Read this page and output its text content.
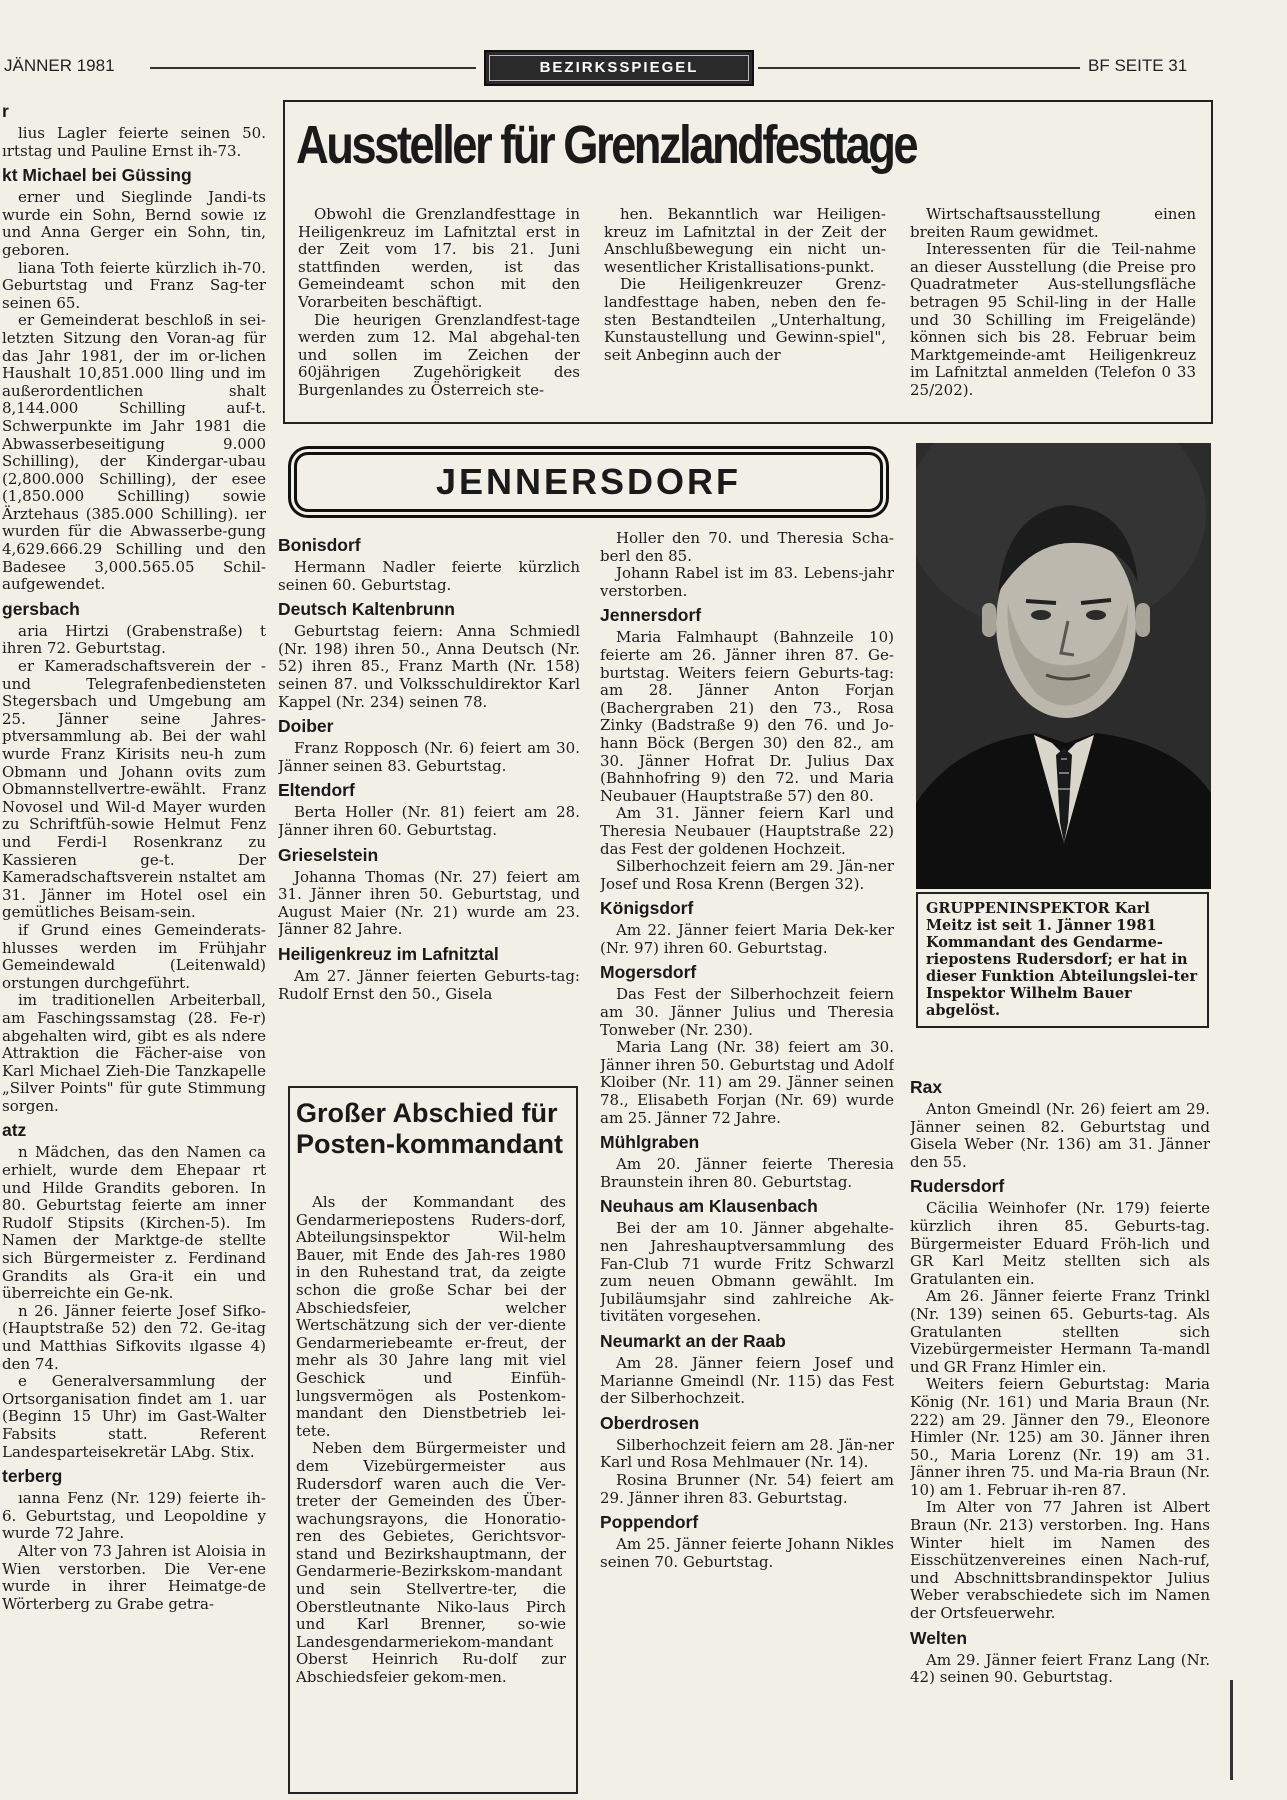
JÄNNER 1981	BEZIRKSSPIEGEL	BF SEITE 31
r
lius Lagler feierte seinen 50. ırtstag und Pauline Ernst ih-73.
kt Michael bei Güssing
erner und Sieglinde Jandi-ts wurde ein Sohn, Bernd sowie ız und Anna Gerger ein Sohn, tin, geboren.
liana Toth feierte kürzlich ih-70. Geburtstag und Franz Sag-ter seinen 65.
er Gemeinderat beschloß in sei-letzten Sitzung den Voran-ag für das Jahr 1981, der im or-lichen Haushalt 10,851.000 lling und im außerordentlichen shalt 8,144.000 Schilling auf-t. Schwerpunkte im Jahr 1981 die Abwasserbeseitigung 9.000 Schilling), der Kindergar-ubau (2,800.000 Schilling), der esee (1,850.000 Schilling) sowie Ärztehaus (385.000 Schilling). ıer wurden für die Abwasserbe-gung 4,629.666.29 Schilling und den Badesee 3,000.565.05 Schil-aufgewendet.
gersbach
aria Hirtzi (Grabenstraße) t ihren 72. Geburtstag.
er Kameradschaftsverein der - und Telegrafenbediensteten Stegersbach und Umgebung am 25. Jänner seine Jahres-ptversammlung ab. Bei der wahl wurde Franz Kirisits neu-h zum Obmann und Johann ovits zum Obmannstellvertre-ewählt. Franz Novosel und Wil-d Mayer wurden zu Schriftfüh-sowie Helmut Fenz und Ferdi-l Rosenkranz zu Kassieren ge-t. Der Kameradschaftsverein nstaltet am 31. Jänner im Hotel osel ein gemütliches Beisam-sein.
if Grund eines Gemeinderats-hlusses werden im Frühjahr Gemeindewald (Leitenwald) orstungen durchgeführt.
im traditionellen Arbeiterball, am Faschingssamstag (28. Fe-r) abgehalten wird, gibt es als ndere Attraktion die Fächer-aise von Karl Michael Zieh-Die Tanzkapelle „Silver Points" für gute Stimmung sorgen.
atz
n Mädchen, das den Namen ca erhielt, wurde dem Ehepaar rt und Hilde Grandits geboren. In 80. Geburtstag feierte am inner Rudolf Stipsits (Kirchen-5). Im Namen der Marktge-de stellte sich Bürgermeister z. Ferdinand Grandits als Gra-it ein und überreichte ein Ge-nk.
n 26. Jänner feierte Josef Sifko-(Hauptstraße 52) den 72. Ge-itag und Matthias Sifkovits ılgasse 4) den 74.
e Generalversammlung der Ortsorganisation findet am 1. uar (Beginn 15 Uhr) im Gast-Walter Fabsits statt. Referent Landesparteisekretär LAbg. Stix.
terberg
ıanna Fenz (Nr. 129) feierte ih-6. Geburtstag, und Leopoldine y wurde 72 Jahre.
Alter von 73 Jahren ist Aloisia in Wien verstorben. Die Ver-ene wurde in ihrer Heimatge-de Wörterberg zu Grabe getra-
Aussteller für Grenzlandfesttage
Obwohl die Grenzlandfesttage in Heiligenkreuz im Lafnitztal erst in der Zeit vom 17. bis 21. Juni stattfinden werden, ist das Gemeindeamt schon mit den Vorarbeiten beschäftigt.
Die heurigen Grenzlandfest-tage werden zum 12. Mal abgehal-ten und sollen im Zeichen der 60jährigen Zugehörigkeit des Burgenlandes zu Österreich ste-
hen. Bekanntlich war Heiligen-kreuz im Lafnitztal in der Zeit der Anschlußbewegung ein nicht un-wesentlicher Kristallisations-punkt.
Die Heiligenkreuzer Grenz-landfesttage haben, neben den fe-sten Bestandteilen „Unterhaltung, Kunstaustellung und Gewinn-spiel", seit Anbeginn auch der
Wirtschaftsausstellung einen breiten Raum gewidmet.
Interessenten für die Teil-nahme an dieser Ausstellung (die Preise pro Quadratmeter Aus-stellungsfläche betragen 95 Schil-ling in der Halle und 30 Schilling im Freigelände) können sich bis 28. Februar beim Marktgemeinde-amt Heiligenkreuz im Lafnitztal anmelden (Telefon 0 33 25/202).
JENNERSDORF
Bonisdorf
Hermann Nadler feierte kürzlich seinen 60. Geburtstag.
Deutsch Kaltenbrunn
Geburtstag feiern: Anna Schmiedl (Nr. 198) ihren 50., Anna Deutsch (Nr. 52) ihren 85., Franz Marth (Nr. 158) seinen 87. und Volksschuldirektor Karl Kappel (Nr. 234) seinen 78.
Doiber
Franz Ropposch (Nr. 6) feiert am 30. Jänner seinen 83. Geburtstag.
Eltendorf
Berta Holler (Nr. 81) feiert am 28. Jänner ihren 60. Geburtstag.
Grieselstein
Johanna Thomas (Nr. 27) feiert am 31. Jänner ihren 50. Geburtstag, und August Maier (Nr. 21) wurde am 23. Jänner 82 Jahre.
Heiligenkreuz im Lafnitztal
Am 27. Jänner feierten Geburts-tag: Rudolf Ernst den 50., Gisela
Großer Abschied für Posten-kommandant
Als der Kommandant des Gendarmeriepostens Ruders-dorf, Abteilungsinspektor Wil-helm Bauer, mit Ende des Jah-res 1980 in den Ruhestand trat, da zeigte schon die große Schar bei der Abschiedsfeier, welcher Wertschätzung sich der ver-diente Gendarmeriebeamte er-freut, der mehr als 30 Jahre lang mit viel Geschick und Einfüh-lungsvermögen als Postenkom-mandant den Dienstbetrieb lei-tete.
Neben dem Bürgermeister und dem Vizebürgermeister aus Rudersdorf waren auch die Ver-treter der Gemeinden des Über-wachungsrayons, die Honoratio-ren des Gebietes, Gerichtsvor-stand und Bezirkshauptmann, der Gendarmerie-Bezirkskom-mandant und sein Stellvertre-ter, die Oberstleutnante Niko-laus Pirch und Karl Brenner, so-wie Landesgendarmeriekom-mandant Oberst Heinrich Ru-dolf zur Abschiedsfeier gekom-men.
Holler den 70. und Theresia Scha-berl den 85.
Johann Rabel ist im 83. Lebens-jahr verstorben.
Jennersdorf
Maria Falmhaupt (Bahnzeile 10) feierte am 26. Jänner ihren 87. Ge-burtstag. Weiters feiern Geburts-tag: am 28. Jänner Anton Forjan (Bachergraben 21) den 73., Rosa Zinky (Badstraße 9) den 76. und Jo-hann Böck (Bergen 30) den 82., am 30. Jänner Hofrat Dr. Julius Dax (Bahnhofring 9) den 72. und Maria Neubauer (Hauptstraße 57) den 80.
Am 31. Jänner feiern Karl und Theresia Neubauer (Hauptstraße 22) das Fest der goldenen Hochzeit.
Silberhochzeit feiern am 29. Jän-ner Josef und Rosa Krenn (Bergen 32).
Königsdorf
Am 22. Jänner feiert Maria Dek-ker (Nr. 97) ihren 60. Geburtstag.
Mogersdorf
Das Fest der Silberhochzeit feiern am 30. Jänner Julius und Theresia Tonweber (Nr. 230).
Maria Lang (Nr. 38) feiert am 30. Jänner ihren 50. Geburtstag und Adolf Kloiber (Nr. 11) am 29. Jänner seinen 78., Elisabeth Forjan (Nr. 69) wurde am 25. Jänner 72 Jahre.
Mühlgraben
Am 20. Jänner feierte Theresia Braunstein ihren 80. Geburtstag.
Neuhaus am Klausenbach
Bei der am 10. Jänner abgehalte-nen Jahreshauptversammlung des Fan-Club 71 wurde Fritz Schwarzl zum neuen Obmann gewählt. Im Jubiläumsjahr sind zahlreiche Ak-tivitäten vorgesehen.
Neumarkt an der Raab
Am 28. Jänner feiern Josef und Marianne Gmeindl (Nr. 115) das Fest der Silberhochzeit.
Oberdrosen
Silberhochzeit feiern am 28. Jän-ner Karl und Rosa Mehlmauer (Nr. 14).
Rosina Brunner (Nr. 54) feiert am 29. Jänner ihren 83. Geburtstag.
Poppendorf
Am 25. Jänner feierte Johann Nikles seinen 70. Geburtstag.
GRUPPENINSPEKTOR Karl Meitz ist seit 1. Jänner 1981 Kommandant des Gendarme-riepostens Rudersdorf; er hat in dieser Funktion Abteilungslei-ter Inspektor Wilhelm Bauer abgelöst.
Rax
Anton Gmeindl (Nr. 26) feiert am 29. Jänner seinen 82. Geburtstag und Gisela Weber (Nr. 136) am 31. Jänner den 55.
Rudersdorf
Cäcilia Weinhofer (Nr. 179) feierte kürzlich ihren 85. Geburts-tag. Bürgermeister Eduard Fröh-lich und GR Karl Meitz stellten sich als Gratulanten ein.
Am 26. Jänner feierte Franz Trinkl (Nr. 139) seinen 65. Geburts-tag. Als Gratulanten stellten sich Vizebürgermeister Hermann Ta-mandl und GR Franz Himler ein.
Weiters feiern Geburtstag: Maria König (Nr. 161) und Maria Braun (Nr. 222) am 29. Jänner den 79., Eleonore Himler (Nr. 125) am 30. Jänner ihren 50., Maria Lorenz (Nr. 19) am 31. Jänner ihren 75. und Ma-ria Braun (Nr. 10) am 1. Februar ih-ren 87.
Im Alter von 77 Jahren ist Albert Braun (Nr. 213) verstorben. Ing. Hans Winter hielt im Namen des Eisschützenvereines einen Nach-ruf, und Abschnittsbrandinspektor Julius Weber verabschiedete sich im Namen der Ortsfeuerwehr.
Welten
Am 29. Jänner feiert Franz Lang (Nr. 42) seinen 90. Geburtstag.
